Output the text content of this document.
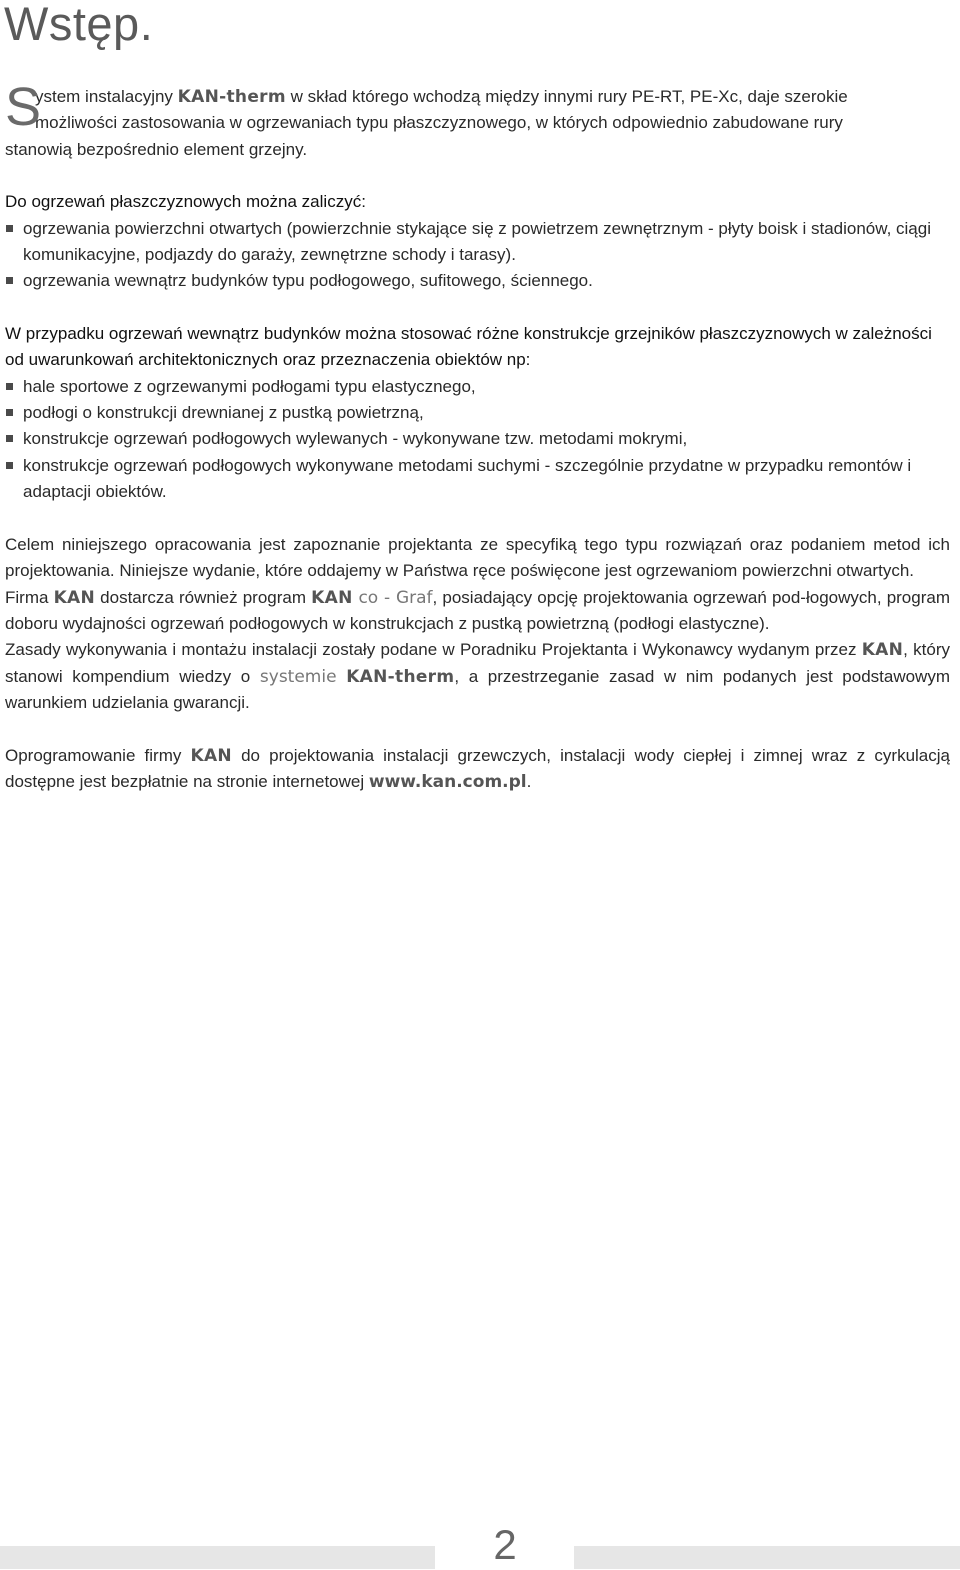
Wstęp.
S

ystem instalacyjny KAN-therm w skład którego wchodzą między innymi rury PE-RT, PE-Xc, daje szerokie

możliwości zastosowania w ogrzewaniach typu płaszczyznowego, w których odpowiednio zabudowane rury

stanowią bezpośrednio element grzejny.

Do ogrzewań płaszczyznowych można zaliczyć:

ogrzewania powierzchni otwartych (powierzchnie stykające się z powietrzem zewnętrznym - płyty boisk i stadionów, ciągi komunikacyjne, podjazdy do garaży, zewnętrzne schody i tarasy).
ogrzewania wewnątrz budynków typu podłogowego, sufitowego, ściennego.

W przypadku ogrzewań wewnątrz budynków można stosować różne konstrukcje grzejników płaszczyznowych w zależności od uwarunkowań architektonicznych oraz przeznaczenia obiektów np:

hale sportowe z ogrzewanymi podłogami typu elastycznego,
podłogi o konstrukcji drewnianej z pustką powietrzną,
konstrukcje ogrzewań podłogowych wylewanych - wykonywane tzw. metodami mokrymi,
konstrukcje ogrzewań podłogowych wykonywane metodami suchymi - szczególnie przydatne w przypadku remontów i adaptacji obiektów.

Celem niniejszego opracowania jest zapoznanie projektanta ze specyfiką tego typu rozwiązań oraz podaniem metod ich projektowania. Niniejsze wydanie, które oddajemy w Państwa ręce poświęcone jest ogrzewaniom powierzchni otwartych.

Firma KAN dostarcza również program KAN co - Graf, posiadający opcję projektowania ogrzewań pod-łogowych, program doboru wydajności ogrzewań podłogowych w konstrukcjach z pustką powietrzną (podłogi elastyczne).

Zasady wykonywania i montażu instalacji zostały podane w Poradniku Projektanta i Wykonawcy wydanym przez KAN, który stanowi kompendium wiedzy o systemie KAN-therm, a przestrzeganie zasad w nim podanych jest podstawowym warunkiem udzielania gwarancji.

Oprogramowanie firmy KAN do projektowania instalacji grzewczych, instalacji wody ciepłej i zimnej wraz z cyrkulacją dostępne jest bezpłatnie na stronie internetowej www.kan.com.pl.

2
